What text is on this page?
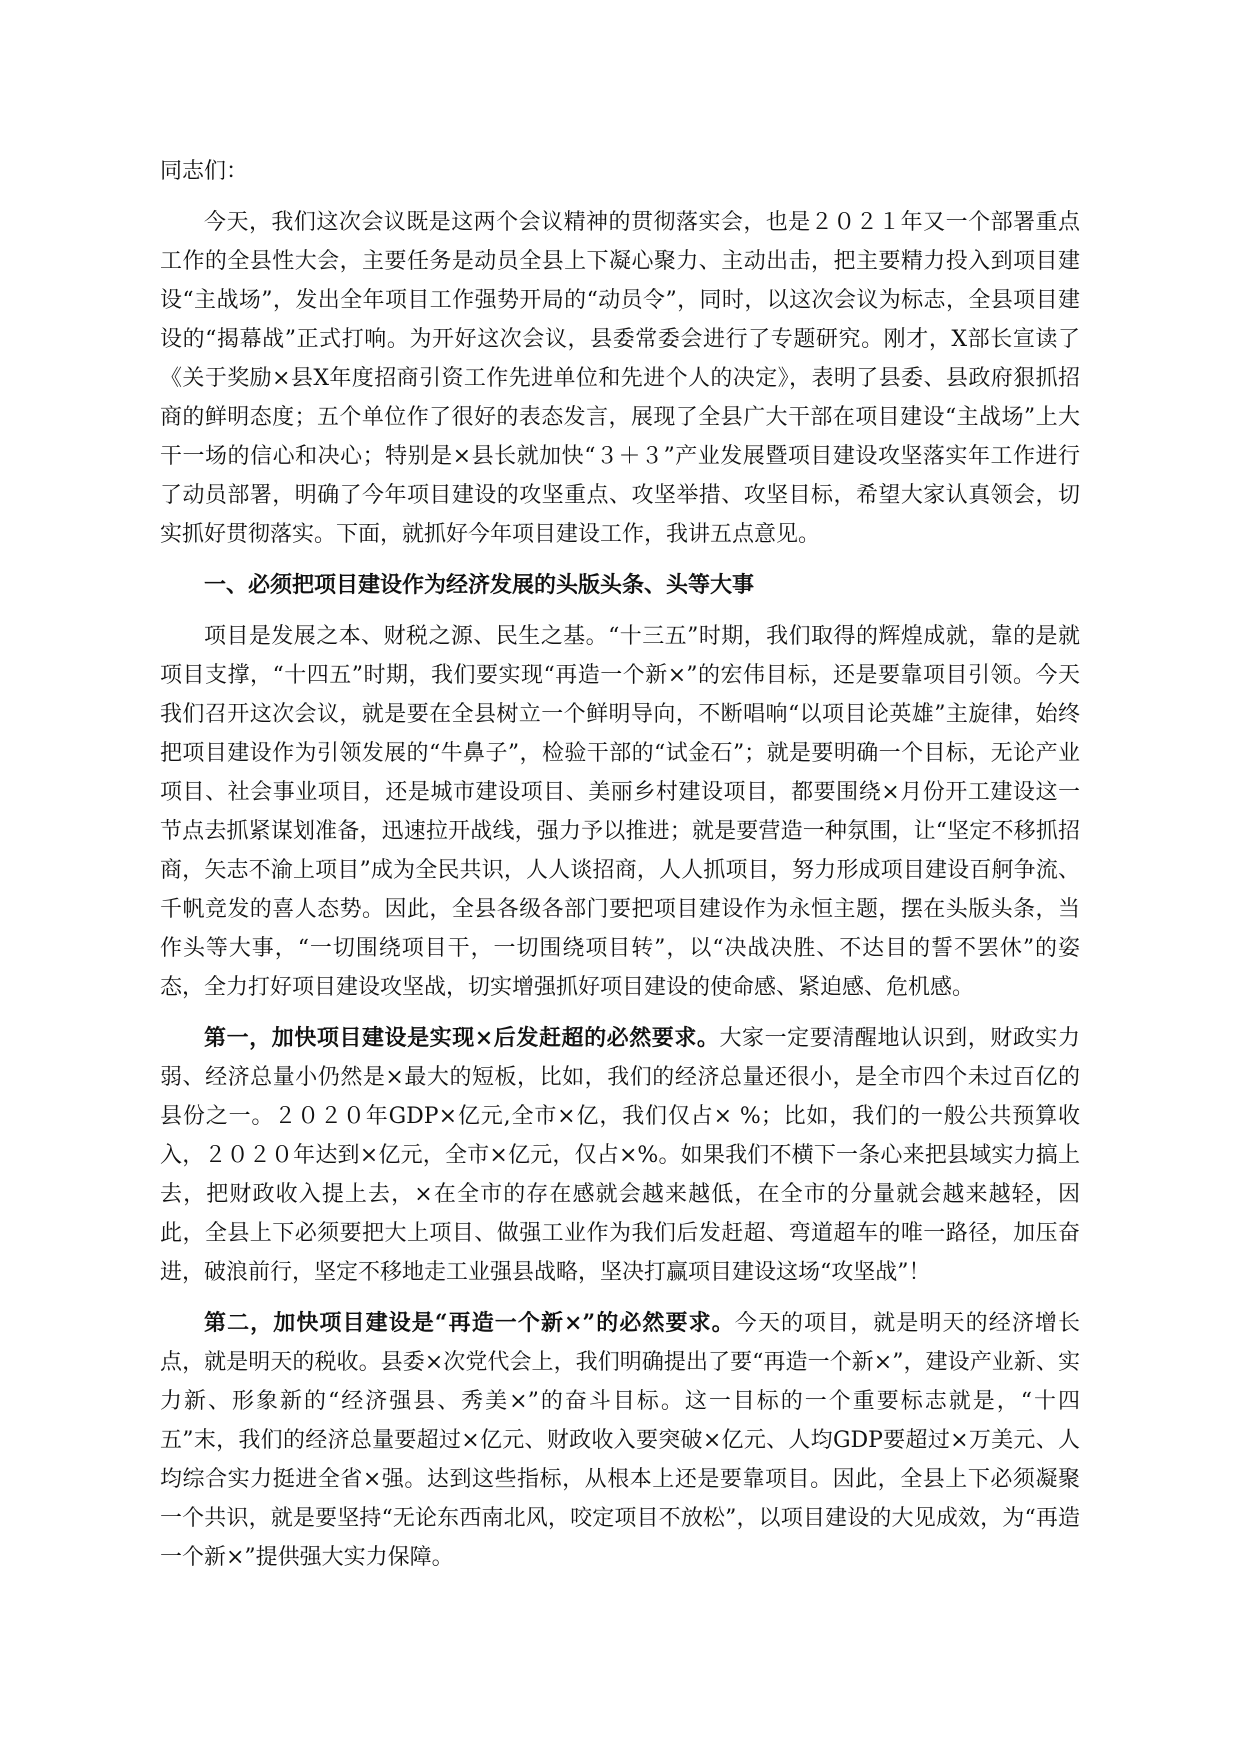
同志们：

今天，我们这次会议既是这两个会议精神的贯彻落实会，也是２０２１年又一个部署重点工作的全县性大会，主要任务是动员全县上下凝心聚力、主动出击，把主要精力投入到项目建设“主战场”，发出全年项目工作强势开局的“动员令”，同时，以这次会议为标志，全县项目建设的“揭幕战”正式打响。为开好这次会议，县委常委会进行了专题研究。刚才，X部长宣读了《关于奖励×县X年度招商引资工作先进单位和先进个人的决定》，表明了县委、县政府狠抓招商的鲜明态度；五个单位作了很好的表态发言，展现了全县广大干部在项目建设“主战场”上大干一场的信心和决心；特别是×县长就加快“３＋３”产业发展暨项目建设攻坚落实年工作进行了动员部署，明确了今年项目建设的攻坚重点、攻坚举措、攻坚目标，希望大家认真领会，切实抓好贯彻落实。下面，就抓好今年项目建设工作，我讲五点意见。

一、必须把项目建设作为经济发展的头版头条、头等大事

项目是发展之本、财税之源、民生之基。“十三五”时期，我们取得的辉煌成就，靠的是就项目支撑，“十四五”时期，我们要实现“再造一个新×”的宏伟目标，还是要靠项目引领。今天我们召开这次会议，就是要在全县树立一个鲜明导向，不断唱响“以项目论英雄”主旋律，始终把项目建设作为引领发展的“牛鼻子”，检验干部的“试金石”；就是要明确一个目标，无论产业项目、社会事业项目，还是城市建设项目、美丽乡村建设项目，都要围绕×月份开工建设这一节点去抓紧谋划准备，迅速拉开战线，强力予以推进；就是要营造一种氛围，让“坚定不移抓招商，矢志不渝上项目”成为全民共识，人人谈招商，人人抓项目，努力形成项目建设百舸争流、千帆竞发的喜人态势。因此，全县各级各部门要把项目建设作为永恒主题，摆在头版头条，当作头等大事，“一切围绕项目干，一切围绕项目转”，以“决战决胜、不达目的誓不罢休”的姿态，全力打好项目建设攻坚战，切实增强抓好项目建设的使命感、紧迫感、危机感。

第一，加快项目建设是实现×后发赶超的必然要求。大家一定要清醒地认识到，财政实力弱、经济总量小仍然是×最大的短板，比如，我们的经济总量还很小，是全市四个未过百亿的县份之一。２０２０年GDP×亿元,全市×亿，我们仅占× %；比如，我们的一般公共预算收入，２０２０年达到×亿元，全市×亿元，仅占×%。如果我们不横下一条心来把县域实力搞上去，把财政收入提上去，×在全市的存在感就会越来越低，在全市的分量就会越来越轻，因此，全县上下必须要把大上项目、做强工业作为我们后发赶超、弯道超车的唯一路径，加压奋进，破浪前行，坚定不移地走工业强县战略，坚决打赢项目建设这场“攻坚战”！

第二，加快项目建设是“再造一个新×”的必然要求。今天的项目，就是明天的经济增长点，就是明天的税收。县委×次党代会上，我们明确提出了要“再造一个新×”，建设产业新、实力新、形象新的“经济强县、秀美×”的奋斗目标。这一目标的一个重要标志就是，“十四五”末，我们的经济总量要超过×亿元、财政收入要突破×亿元、人均GDP要超过×万美元、人均综合实力挺进全省×强。达到这些指标，从根本上还是要靠项目。因此，全县上下必须凝聚一个共识，就是要坚持“无论东西南北风，咬定项目不放松”，以项目建设的大见成效，为“再造一个新×”提供强大实力保障。
